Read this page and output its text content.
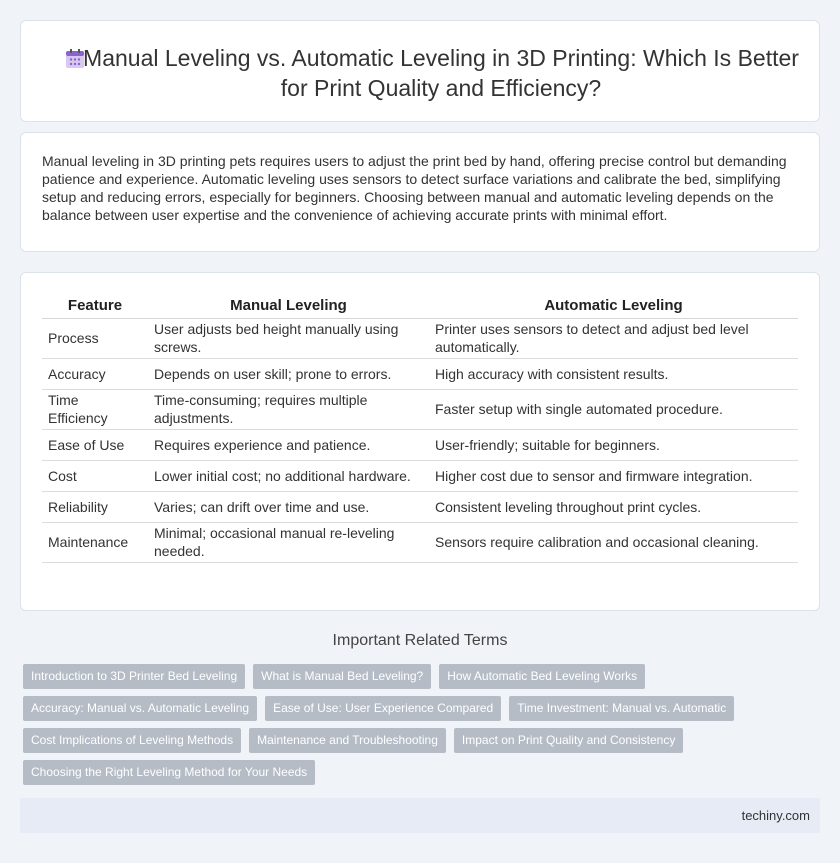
Manual Leveling vs. Automatic Leveling in 3D Printing: Which Is Better for Print Quality and Efficiency?

Manual leveling in 3D printing pets requires users to adjust the print bed by hand, offering precise control but demanding patience and experience. Automatic leveling uses sensors to detect surface variations and calibrate the bed, simplifying setup and reducing errors, especially for beginners. Choosing between manual and automatic leveling depends on the balance between user expertise and the convenience of achieving accurate prints with minimal effort.

Feature	Manual Leveling	Automatic Leveling
Process	User adjusts bed height manually using screws.	Printer uses sensors to detect and adjust bed level automatically.
Accuracy	Depends on user skill; prone to errors.	High accuracy with consistent results.
Time Efficiency	Time-consuming; requires multiple adjustments.	Faster setup with single automated procedure.
Ease of Use	Requires experience and patience.	User-friendly; suitable for beginners.
Cost	Lower initial cost; no additional hardware.	Higher cost due to sensor and firmware integration.
Reliability	Varies; can drift over time and use.	Consistent leveling throughout print cycles.
Maintenance	Minimal; occasional manual re-leveling needed.	Sensors require calibration and occasional cleaning.
Important Related Terms
Introduction to 3D Printer Bed Leveling	What is Manual Bed Leveling?	How Automatic Bed Leveling Works
Accuracy: Manual vs. Automatic Leveling	Ease of Use: User Experience Compared	Time Investment: Manual vs. Automatic
Cost Implications of Leveling Methods	Maintenance and Troubleshooting	Impact on Print Quality and Consistency
Choosing the Right Leveling Method for Your Needs
techiny.com
